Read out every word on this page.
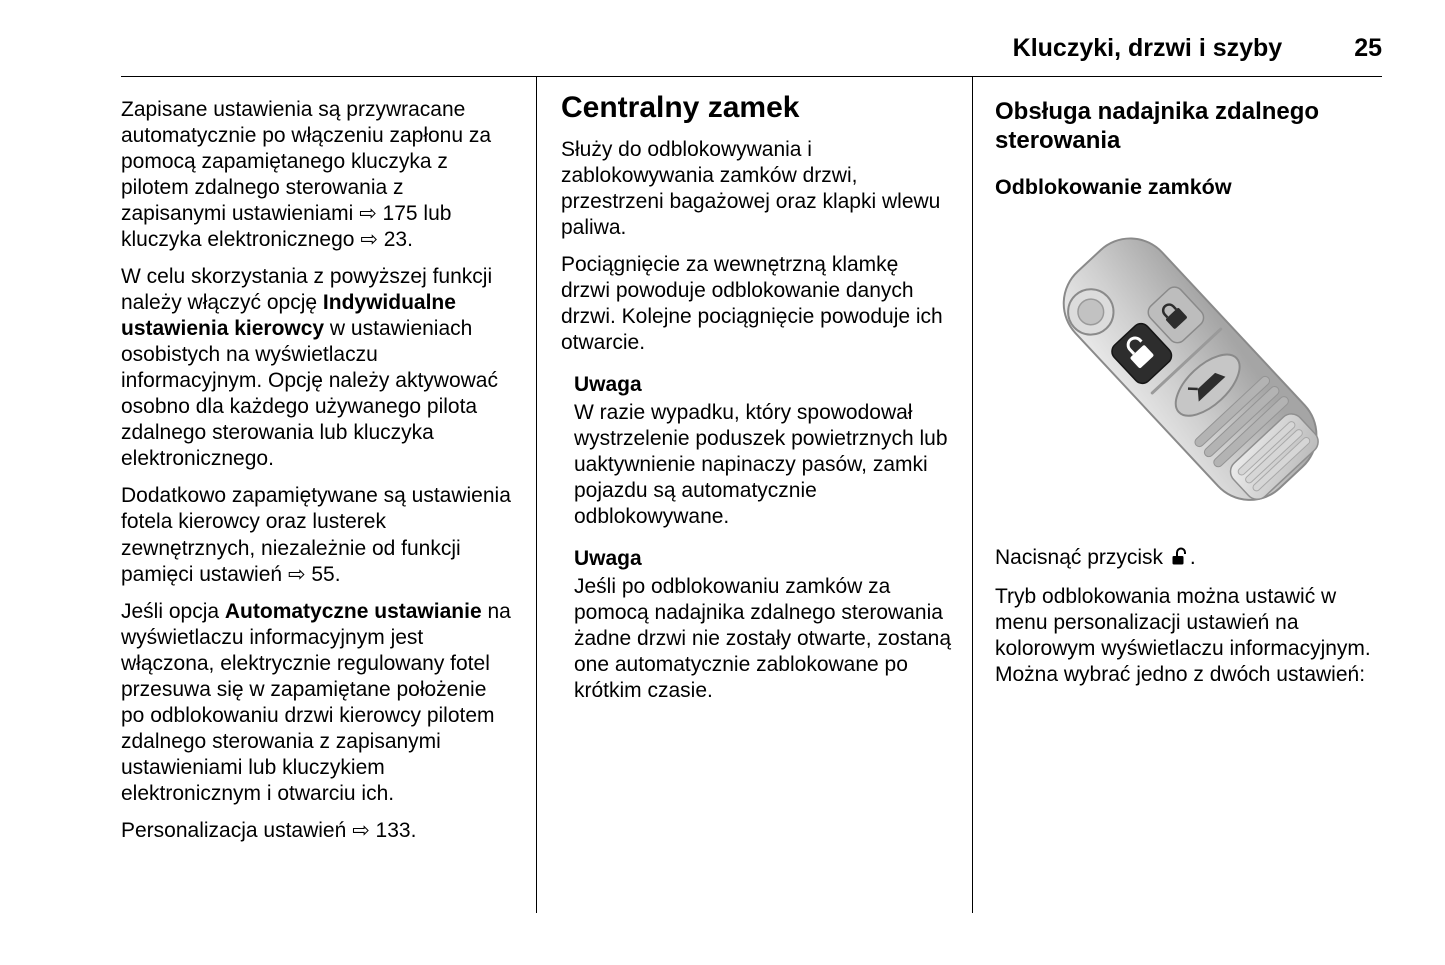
Kluczyki, drzwi i szyby	25

Zapisane ustawienia są przywracane automatycznie po włączeniu zapłonu za pomocą zapamiętanego kluczyka z pilotem zdalnego sterowania z zapisanymi ustawieniami ⇨ 175 lub kluczyka elektronicznego ⇨ 23.

W celu skorzystania z powyższej funkcji należy włączyć opcję Indywidualne ustawienia kierowcy w ustawieniach osobistych na wyświetlaczu informacyjnym. Opcję należy aktywować osobno dla każdego używanego pilota zdalnego sterowania lub kluczyka elektronicznego.

Dodatkowo zapamiętywane są ustawienia fotela kierowcy oraz lusterek zewnętrznych, niezależnie od funkcji pamięci ustawień ⇨ 55.

Jeśli opcja Automatyczne ustawianie na wyświetlaczu informacyjnym jest włączona, elektrycznie regulowany fotel przesuwa się w zapamiętane położenie po odblokowaniu drzwi kierowcy pilotem zdalnego sterowania z zapisanymi ustawieniami lub kluczykiem elektronicznym i otwarciu ich.

Personalizacja ustawień ⇨ 133.

Centralny zamek

Służy do odblokowywania i zablokowywania zamków drzwi, przestrzeni bagażowej oraz klapki wlewu paliwa.

Pociągnięcie za wewnętrzną klamkę drzwi powoduje odblokowanie danych drzwi. Kolejne pociągnięcie powoduje ich otwarcie.

Uwaga

W razie wypadku, który spowodował wystrzelenie poduszek powietrznych lub uaktywnienie napinaczy pasów, zamki pojazdu są automatycznie odblokowywane.

Uwaga

Jeśli po odblokowaniu zamków za pomocą nadajnika zdalnego sterowania żadne drzwi nie zostały otwarte, zostaną one automatycznie zablokowane po krótkim czasie.

Obsługa nadajnika zdalnego sterowania
Odblokowanie zamków

Nacisnąć przycisk .

Tryb odblokowania można ustawić w menu personalizacji ustawień na kolorowym wyświetlaczu informacyjnym. Można wybrać jedno z dwóch ustawień:
